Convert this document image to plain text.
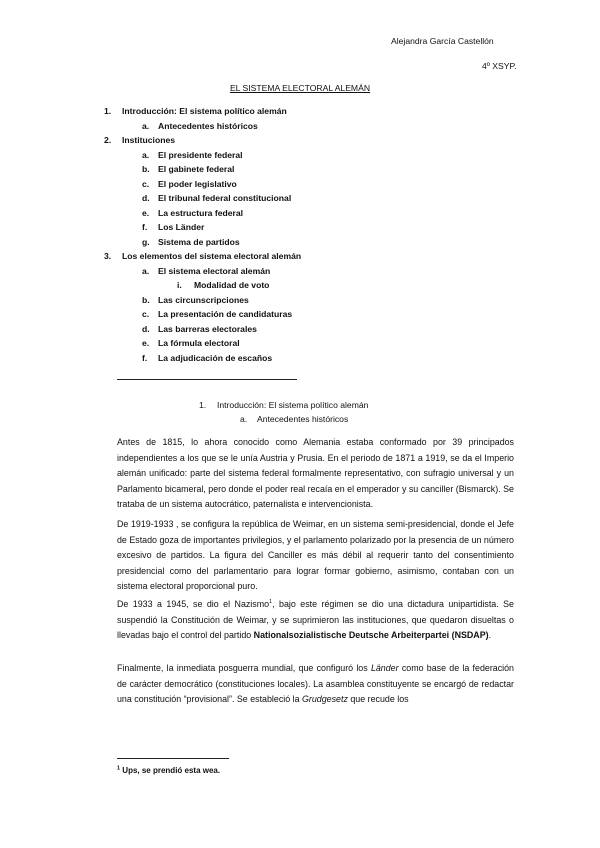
Alejandra García Castellón
4º XSYP.
EL SISTEMA ELECTORAL ALEMÁN
1. Introducción: El sistema político alemán
a. Antecedentes históricos
2. Instituciones
a. El presidente federal
b. El gabinete federal
c. El poder legislativo
d. El tribunal federal constitucional
e. La estructura federal
f. Los Länder
g. Sistema de partidos
3. Los elementos del sistema electoral alemán
a. El sistema electoral alemán
i. Modalidad de voto
b. Las circunscripciones
c. La presentación de candidaturas
d. Las barreras electorales
e. La fórmula electoral
f. La adjudicación de escaños
1. Introducción: El sistema político alemán
a. Antecedentes históricos
Antes de 1815, lo ahora conocido como Alemania estaba conformado por 39 principados independientes a los que se le unía Austria y Prusia. En el periodo de 1871 a 1919, se da el Imperio alemán unificado: parte del sistema federal formalmente representativo, con sufragio universal y un Parlamento bicameral, pero donde el poder real recaía en el emperador y su canciller (Bismarck). Se trataba de un sistema autocrático, paternalista e intervencionista.
De 1919-1933 , se configura la república de Weimar, en un sistema semi-presidencial, donde el Jefe de Estado goza de importantes privilegios, y el parlamento polarizado por la presencia de un número excesivo de partidos. La figura del Canciller es más débil al requerir tanto del consentimiento presidencial como del parlamentario para lograr formar gobierno, asimismo, contaban con un sistema electoral proporcional puro.
De 1933 a 1945, se dio el Nazismo$^1$, bajo este régimen se dio una dictadura unipartidista. Se suspendió la Constitución de Weimar, y se suprimieron las instituciones, que quedaron disueltas o llevadas bajo el control del partido Nationalsozialistische Deutsche Arbeiterpartei (NSDAP).
Finalmente, la inmediata posguerra mundial, que configuró los Länder como base de la federación de carácter democrático (constituciones locales). La asamblea constituyente se encargó de redactar una constitución “provisional”. Se estableció la Grudgesetz que recude los
$^1$ Ups, se prendió esta wea.
